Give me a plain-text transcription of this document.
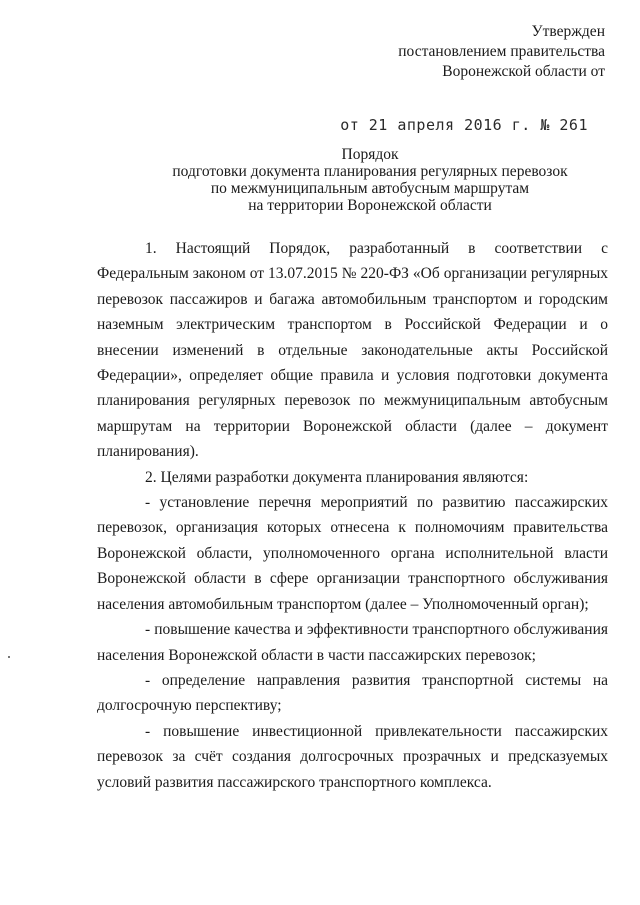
Утвержден
постановлением правительства
Воронежской области от
от 21 апреля 2016 г. № 261
Порядок
подготовки документа планирования регулярных перевозок
по межмуниципальным автобусным маршрутам
на территории Воронежской области

1. Настоящий Порядок, разработанный в соответствии с Федеральным законом от 13.07.2015 № 220-ФЗ «Об организации регулярных перевозок пассажиров и багажа автомобильным транспортом и городским наземным электрическим транспортом в Российской Федерации и о внесении изменений в отдельные законодательные акты Российской Федерации», определяет общие правила и условия подготовки документа планирования регулярных перевозок по межмуниципальным автобусным маршрутам на территории Воронежской области (далее – документ планирования).

2. Целями разработки документа планирования являются:

- установление перечня мероприятий по развитию пассажирских перевозок, организация которых отнесена к полномочиям правительства Воронежской области, уполномоченного органа исполнительной власти Воронежской области в сфере организации транспортного обслуживания населения автомобильным транспортом (далее – Уполномоченный орган);

- повышение качества и эффективности транспортного обслуживания населения Воронежской области в части пассажирских перевозок;

- определение направления развития транспортной системы на долгосрочную перспективу;

- повышение инвестиционной привлекательности пассажирских перевозок за счёт создания долгосрочных прозрачных и предсказуемых условий развития пассажирского транспортного комплекса.
